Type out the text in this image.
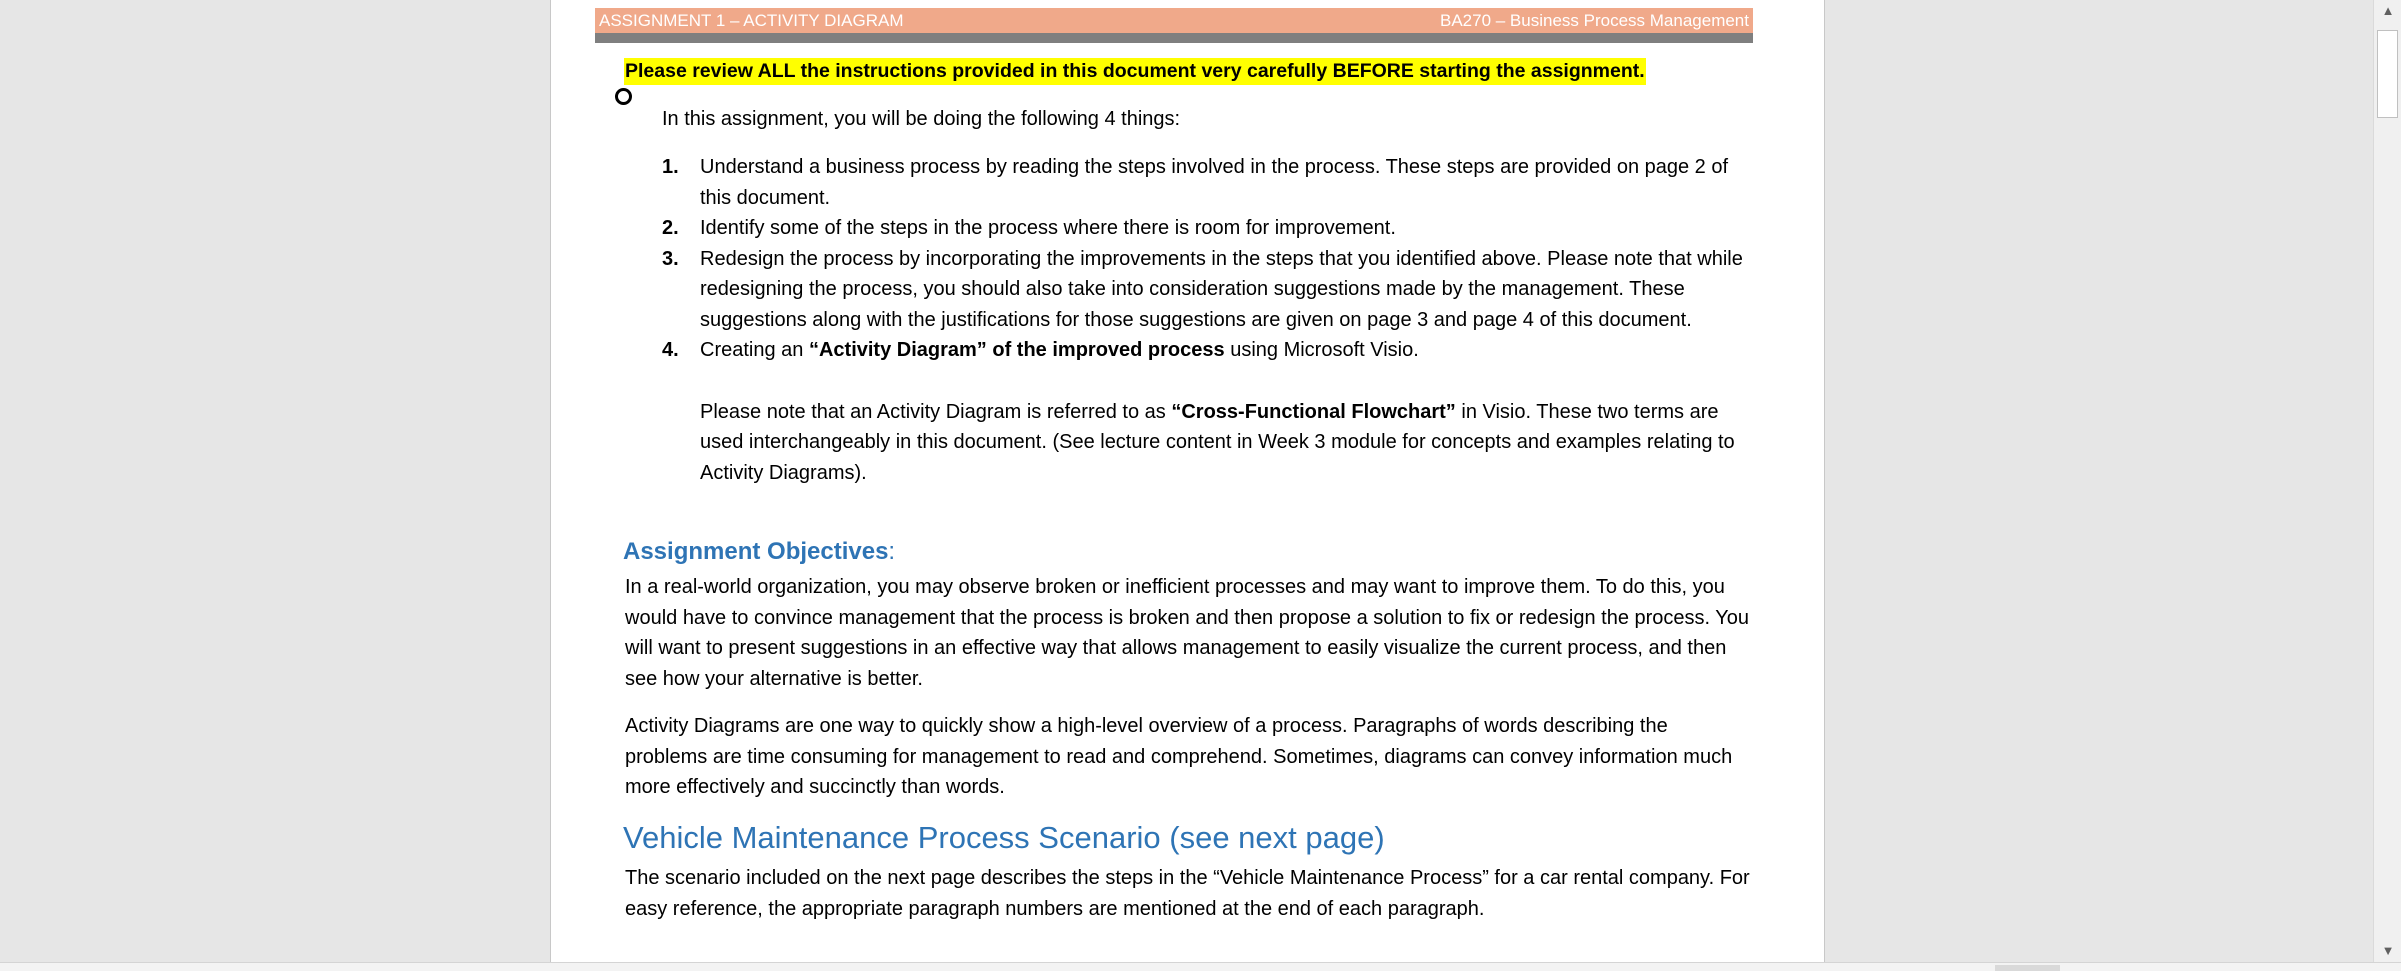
ASSIGNMENT 1 – ACTIVITY DIAGRAM	BA270 – Business Process Management
Please review ALL the instructions provided in this document very carefully BEFORE starting the assignment.
In this assignment, you will be doing the following 4 things:
1. Understand a business process by reading the steps involved in the process. These steps are provided on page 2 of this document.
2. Identify some of the steps in the process where there is room for improvement.
3. Redesign the process by incorporating the improvements in the steps that you identified above. Please note that while redesigning the process, you should also take into consideration suggestions made by the management. These suggestions along with the justifications for those suggestions are given on page 3 and page 4 of this document.
4. Creating an “Activity Diagram” of the improved process using Microsoft Visio.
Please note that an Activity Diagram is referred to as “Cross-Functional Flowchart” in Visio. These two terms are used interchangeably in this document. (See lecture content in Week 3 module for concepts and examples relating to Activity Diagrams).
Assignment Objectives:
In a real-world organization, you may observe broken or inefficient processes and may want to improve them. To do this, you would have to convince management that the process is broken and then propose a solution to fix or redesign the process. You will want to present suggestions in an effective way that allows management to easily visualize the current process, and then see how your alternative is better.
Activity Diagrams are one way to quickly show a high-level overview of a process. Paragraphs of words describing the problems are time consuming for management to read and comprehend. Sometimes, diagrams can convey information much more effectively and succinctly than words.
Vehicle Maintenance Process Scenario (see next page)
The scenario included on the next page describes the steps in the “Vehicle Maintenance Process” for a car rental company. For easy reference, the appropriate paragraph numbers are mentioned at the end of each paragraph.
▲
▼
